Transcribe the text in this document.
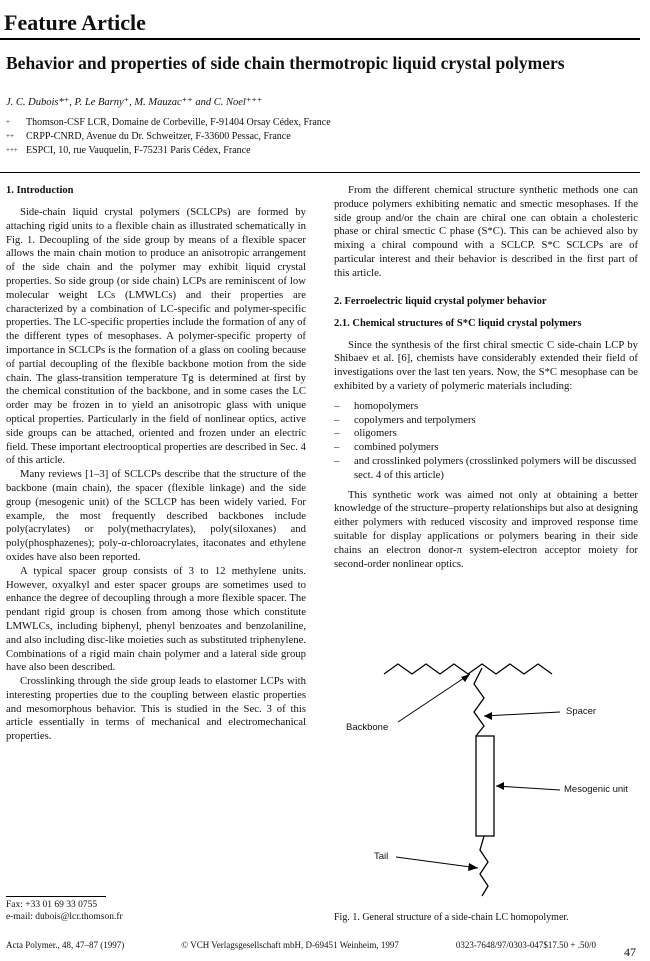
Feature Article
Behavior and properties of side chain thermotropic liquid crystal polymers
J. C. Dubois*⁺, P. Le Barny⁺, M. Mauzac⁺⁺ and C. Noel⁺⁺⁺
+ Thomson-CSF LCR, Domaine de Corbeville, F-91404 Orsay Cédex, France
++ CRPP-CNRD, Avenue du Dr. Schweitzer, F-33600 Pessac, France
+++ ESPCI, 10, rue Vauquelin, F-75231 Paris Cédex, France
1. Introduction

Side-chain liquid crystal polymers (SCLCPs) are formed by attaching rigid units to a flexible chain as illustrated schematically in Fig. 1. Decoupling of the side group by means of a flexible spacer allows the main chain motion to produce an anisotropic arrangement of the side chain and the polymer may exhibit liquid crystal properties. So side group (or side chain) LCPs are reminiscent of low molecular weight LCs (LMWLCs) and their properties are characterized by a combination of LC-specific and polymer-specific properties. The LC-specific properties include the formation of any of the different types of mesophases. A polymer-specific property of importance in SCLCPs is the formation of a glass on cooling because of partial decoupling of the flexible backbone motion from the side chain. The glass-transition temperature Tg is determined at first by the chemical constitution of the backbone, and in some cases the LC order may be frozen in to yield an anisotropic glass with unique optical properties. Particularly in the field of nonlinear optics, active side groups can be attached, oriented and frozen under an electric field. These important electrooptical properties are described in Sec. 4 of this article.

Many reviews [1–3] of SCLCPs describe that the structure of the backbone (main chain), the spacer (flexible linkage) and the side group (mesogenic unit) of the SCLCP has been widely varied. For example, the most frequently described backbones include poly(acrylates) or poly(methacrylates), poly(siloxanes) and poly(phosphazenes); poly-α-chloroacrylates, itaconates and ethylene oxides have also been reported.

A typical spacer group consists of 3 to 12 methylene units. However, oxyalkyl and ester spacer groups are sometimes used to enhance the degree of decoupling through a more flexible spacer. The pendant rigid group is chosen from among those which constitute LMWLCs, including biphenyl, phenyl benzoates and benzolaniline, and also including disc-like moieties such as substituted triphenylene. Combinations of a rigid main chain polymer and a lateral side group have also been described.

Crosslinking through the side group leads to elastomer LCPs with interesting properties due to the coupling between elastic properties and mesomorphous behavior. This is studied in the Sec. 3 of this article essentially in terms of mechanical and electromechanical properties.

From the different chemical structure synthetic methods one can produce polymers exhibiting nematic and smectic mesophases. If the side group and/or the chain are chiral one can obtain a cholesteric phase or chiral smectic C phase (S*C). This can be achieved also by mixing a chiral compound with a SCLCP. S*C SCLCPs are of particular interest and their behavior is described in the first part of this article.

2. Ferroelectric liquid crystal polymer behavior
2.1. Chemical structures of S*C liquid crystal polymers

Since the synthesis of the first chiral smectic C side-chain LCP by Shibaev et al. [6], chemists have considerably extended their field of investigations over the last ten years. Now, the S*C mesophase can be exhibited by a variety of polymeric materials including:

– homopolymers
– copolymers and terpolymers
– oligomers
– combined polymers
– and crosslinked polymers (crosslinked polymers will be discussed sect. 4 of this article)

This synthetic work was aimed not only at obtaining a better knowledge of the structure–property relationships but also at designing either polymers with reduced viscosity and improved response time suitable for display applications or polymers bearing in their side chains an electron donor-π system-electron acceptor moiety for second-order nonlinear optics.

Spacer
Backbone
Mesogenic unit
Tail
Fig. 1. General structure of a side-chain LC homopolymer.
Fax: +33 01 69 33 0755
e-mail: dubois@lcr.thomson.fr
Acta Polymer., 48, 47–87 (1997)	© VCH Verlagsgesellschaft mbH, D-69451 Weinheim, 1997	0323-7648/97/0303-047$17.50 + .50/0 47
